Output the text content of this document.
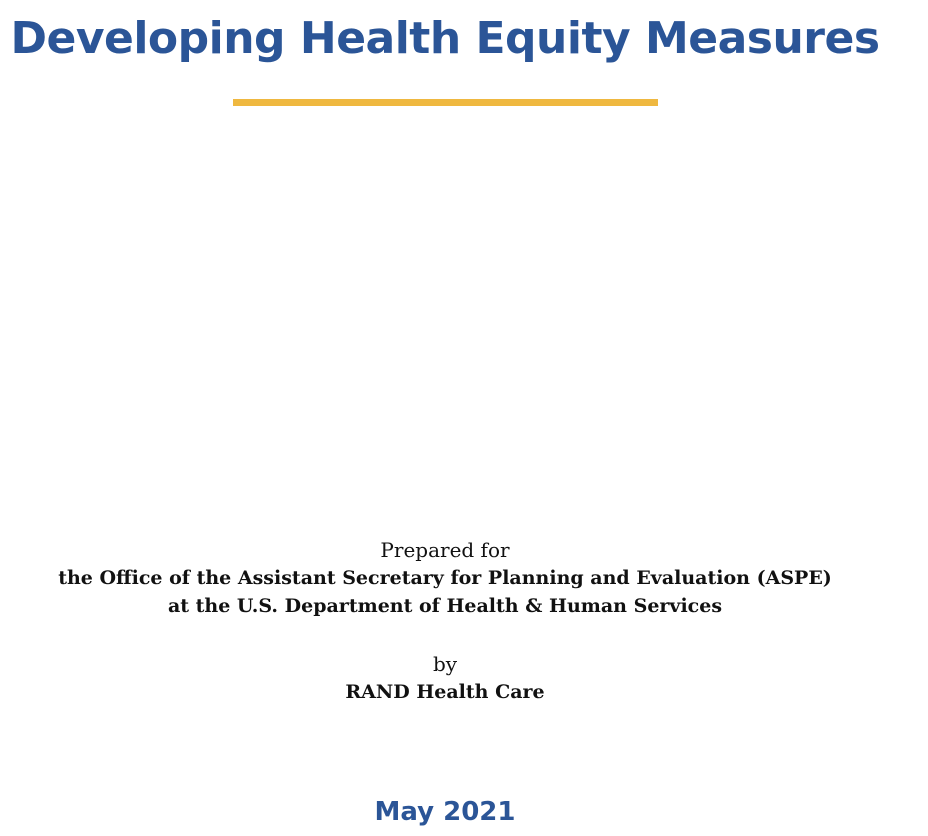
Developing Health Equity Measures
Prepared for
the Office of the Assistant Secretary for Planning and Evaluation (ASPE)
at the U.S. Department of Health & Human Services
by
RAND Health Care
May 2021
